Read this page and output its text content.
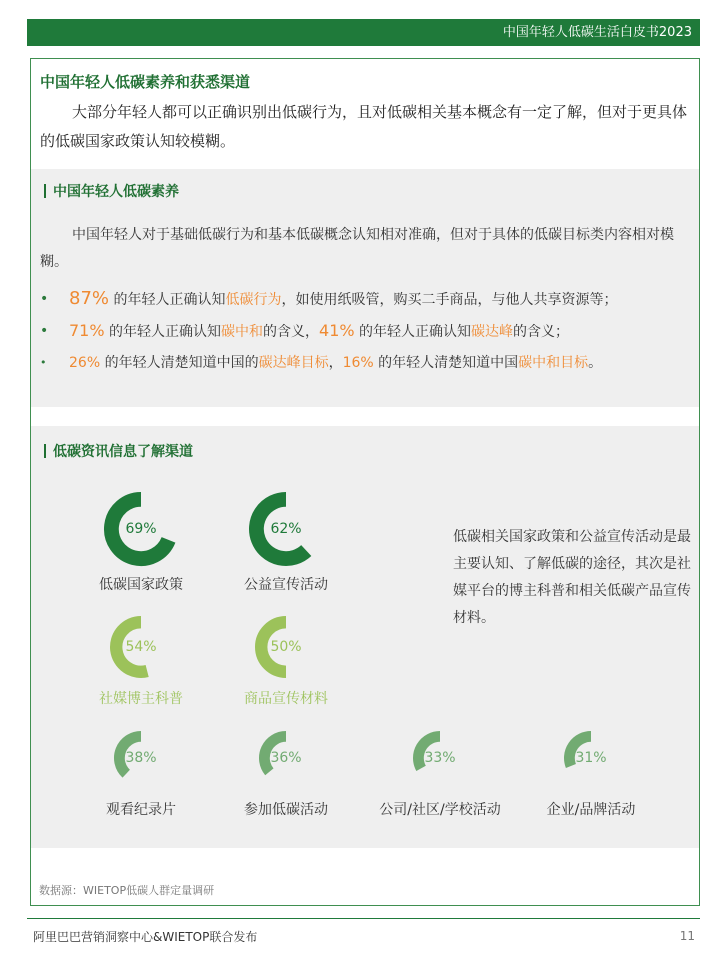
中国年轻人低碳生活白皮书2023
中国年轻人低碳素养和获悉渠道

大部分年轻人都可以正确识别出低碳行为，且对低碳相关基本概念有一定了解，但对于更具体的低碳国家政策认知较模糊。

中国年轻人低碳素养

中国年轻人对于基础低碳行为和基本低碳概念认知相对准确，但对于具体的低碳目标类内容相对模糊。

• 87% 的年轻人正确认知低碳行为，如使用纸吸管，购买二手商品，与他人共享资源等；
• 71% 的年轻人正确认知碳中和的含义，41% 的年轻人正确认知碳达峰的含义；
• 26% 的年轻人清楚知道中国的碳达峰目标，16% 的年轻人清楚知道中国碳中和目标。
低碳资讯信息了解渠道
69%
低碳国家政策
62%
公益宣传活动
54%
社媒博主科普
50%
商品宣传材料
38%
观看纪录片
36%
参加低碳活动
33%
公司/社区/学校活动
31%
企业/品牌活动

低碳相关国家政策和公益宣传活动是最主要认知、了解低碳的途径，其次是社媒平台的博主科普和相关低碳产品宣传材料。

数据源：WIETOP低碳人群定量调研
阿里巴巴营销洞察中心&WIETOP联合发布	11
